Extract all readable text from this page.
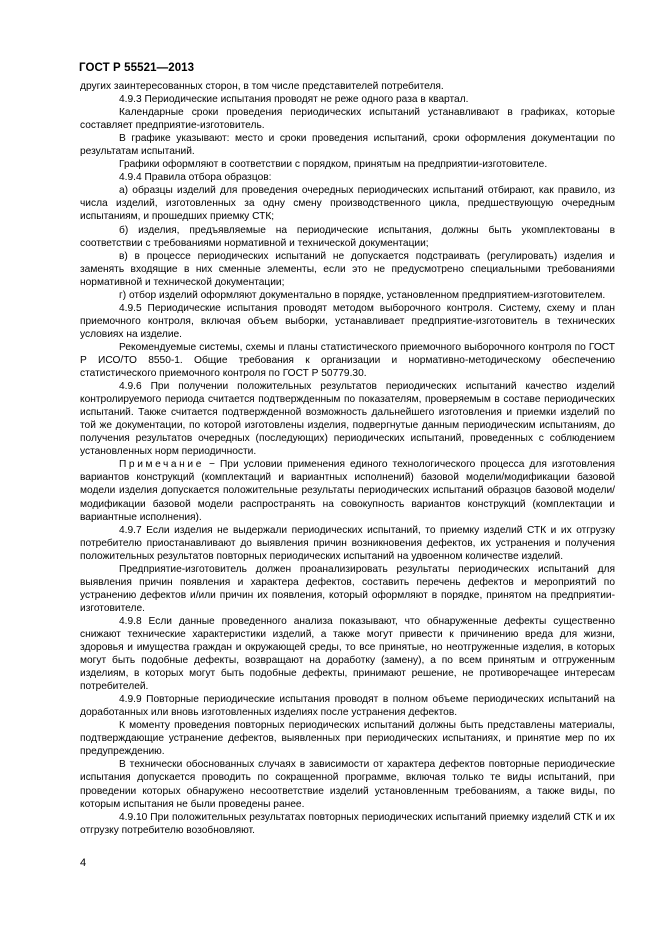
ГОСТ Р 55521—2013

других заинтересованных сторон, в том числе представителей потребителя.

4.9.3 Периодические испытания проводят не реже одного раза в квартал.

Календарные сроки проведения периодических испытаний устанавливают в графиках, которые составляет предприятие-изготовитель.

В графике указывают: место и сроки проведения испытаний, сроки оформления документации по результатам испытаний.

Графики оформляют в соответствии с порядком, принятым на предприятии-изготовителе.

4.9.4 Правила отбора образцов:

а) образцы изделий для проведения очередных периодических испытаний отбирают, как правило, из числа изделий, изготовленных за одну смену производственного цикла, предшествующую очередным испытаниям, и прошедших приемку СТК;

б) изделия, предъявляемые на периодические испытания, должны быть укомплектованы в соответствии с требованиями нормативной и технической документации;

в) в процессе периодических испытаний не допускается подстраивать (регулировать) изделия и заменять входящие в них сменные элементы, если это не предусмотрено специальными требованиями нормативной и технической документации;

г) отбор изделий оформляют документально в порядке, установленном предприятием-изготовителем.

4.9.5 Периодические испытания проводят методом выборочного контроля. Систему, схему и план приемочного контроля, включая объем выборки, устанавливает предприятие-изготовитель в технических условиях на изделие.

Рекомендуемые системы, схемы и планы статистического приемочного выборочного контроля по ГОСТ Р ИСО/ТО 8550-1. Общие требования к организации и нормативно-методическому обеспечению статистического приемочного контроля по ГОСТ Р 50779.30.

4.9.6 При получении положительных результатов периодических испытаний качество изделий контролируемого периода считается подтвержденным по показателям, проверяемым в составе периодических испытаний. Также считается подтвержденной возможность дальнейшего изготовления и приемки изделий по той же документации, по которой изготовлены изделия, подвергнутые данным периодическим испытаниям, до получения результатов очередных (последующих) периодических испытаний, проведенных с соблюдением установленных норм периодичности.

Примечание − При условии применения единого технологического процесса для изготовления вариантов конструкций (комплектаций и вариантных исполнений) базовой модели/модификации базовой модели изделия допускается положительные результаты периодических испытаний образцов базовой модели/модификации базовой модели распространять на совокупность вариантов конструкций (комплектации и вариантные исполнения).

4.9.7 Если изделия не выдержали периодических испытаний, то приемку изделий СТК и их отгрузку потребителю приостанавливают до выявления причин возникновения дефектов, их устранения и получения положительных результатов повторных периодических испытаний на удвоенном количестве изделий.

Предприятие-изготовитель должен проанализировать результаты периодических испытаний для выявления причин появления и характера дефектов, составить перечень дефектов и мероприятий по устранению дефектов и/или причин их появления, который оформляют в порядке, принятом на предприятии-изготовителе.

4.9.8 Если данные проведенного анализа показывают, что обнаруженные дефекты существенно снижают технические характеристики изделий, а также могут привести к причинению вреда для жизни, здоровья и имущества граждан и окружающей среды, то все принятые, но неотгруженные изделия, в которых могут быть подобные дефекты, возвращают на доработку (замену), а по всем принятым и отгруженным изделиям, в которых могут быть подобные дефекты, принимают решение, не противоречащее интересам потребителей.

4.9.9 Повторные периодические испытания проводят в полном объеме периодических испытаний на доработанных или вновь изготовленных изделиях после устранения дефектов.

К моменту проведения повторных периодических испытаний должны быть представлены материалы, подтверждающие устранение дефектов, выявленных при периодических испытаниях, и принятие мер по их предупреждению.

В технически обоснованных случаях в зависимости от характера дефектов повторные периодические испытания допускается проводить по сокращенной программе, включая только те виды испытаний, при проведении которых обнаружено несоответствие изделий установленным требованиям, а также виды, по которым испытания не были проведены ранее.

4.9.10 При положительных результатах повторных периодических испытаний приемку изделий СТК и их отгрузку потребителю возобновляют.

4
